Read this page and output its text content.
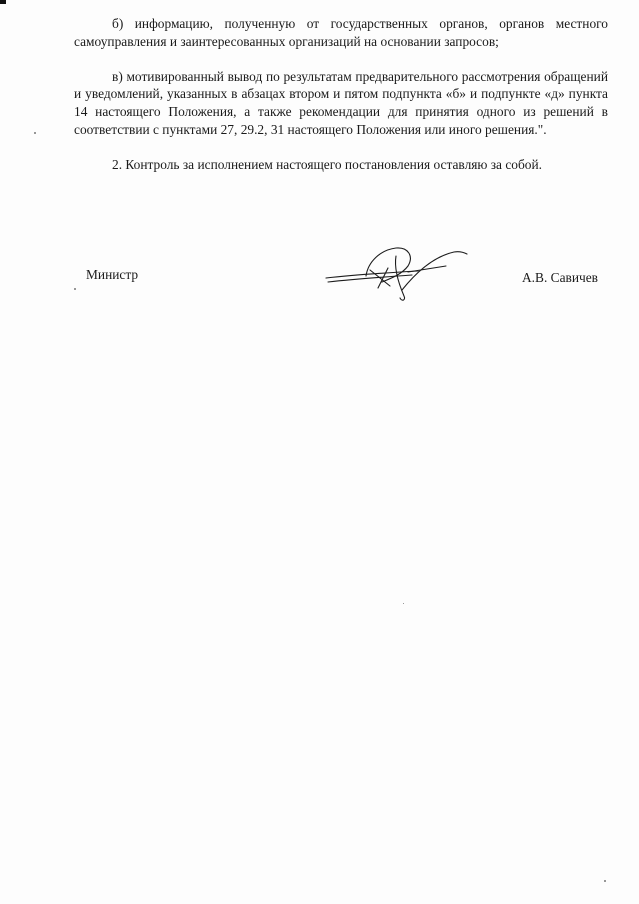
б) информацию, полученную от государственных органов, органов местного самоуправления и заинтересованных организаций на основании запросов;

в) мотивированный вывод по результатам предварительного рассмотрения обращений и уведомлений, указанных в абзацах втором и пятом подпункта «б» и подпункте «д» пункта 14 настоящего Положения, а также рекомендации для принятия одного из решений в соответствии с пунктами 27, 29.2, 31 настоящего Положения или иного решения.".

2. Контроль за исполнением настоящего постановления оставляю за собой.

Министр	А.В. Савичев
